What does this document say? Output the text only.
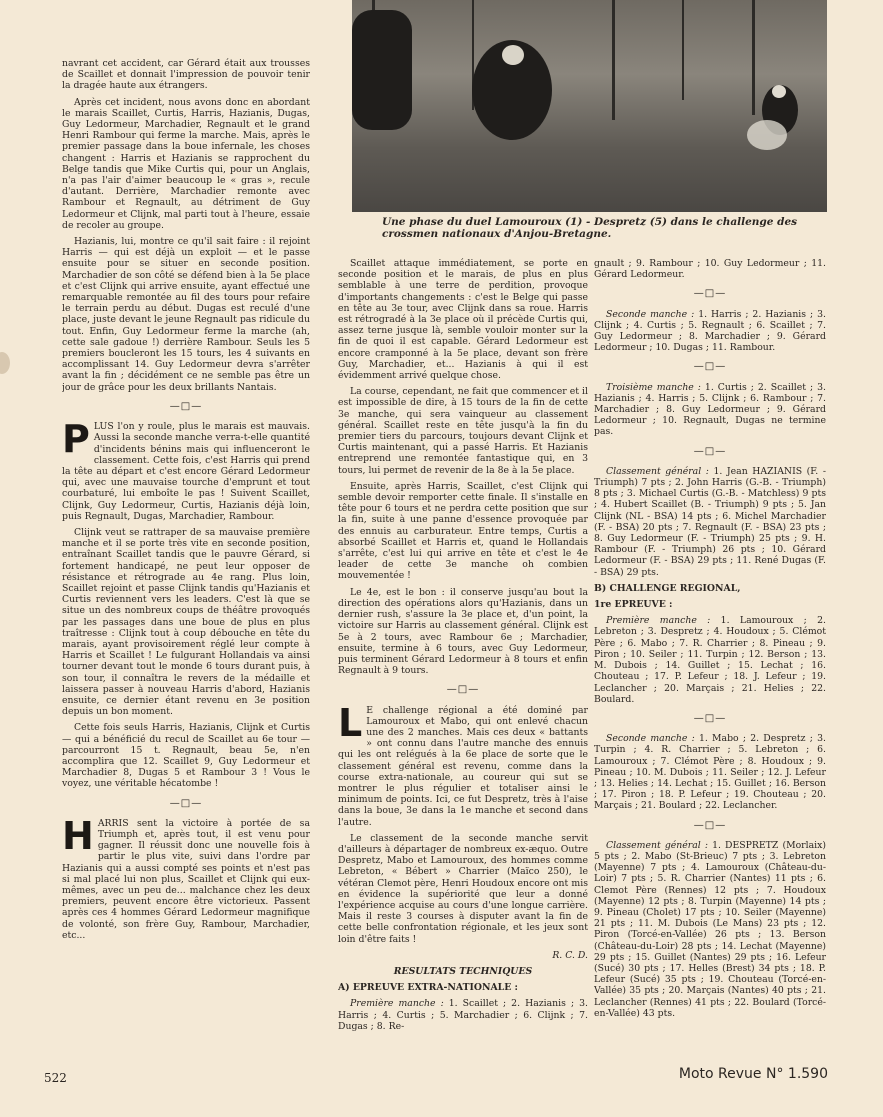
Une phase du duel Lamouroux (1) - Despretz (5) dans le challenge des crossmen nationaux d'Anjou-Bretagne.

navrant cet accident, car Gérard était aux trousses de Scaillet et donnait l'impression de pouvoir tenir la dragée haute aux étrangers.

Après cet incident, nous avons donc en abordant le marais Scaillet, Curtis, Harris, Hazianis, Dugas, Guy Ledormeur, Marchadier, Regnault et le grand Henri Rambour qui ferme la marche. Mais, après le premier passage dans la boue infernale, les choses changent : Harris et Hazianis se rapprochent du Belge tandis que Mike Curtis qui, pour un Anglais, n'a pas l'air d'aimer beaucoup le « gras », recule d'autant. Derrière, Marchadier remonte avec Rambour et Regnault, au détriment de Guy Ledormeur et Clijnk, mal parti tout à l'heure, essaie de recoler au groupe.

Hazianis, lui, montre ce qu'il sait faire : il rejoint Harris — qui est déjà un exploit — et le passe ensuite pour se situer en seconde position. Marchadier de son côté se défend bien à la 5e place et c'est Clijnk qui arrive ensuite, ayant effectué une remarquable remontée au fil des tours pour refaire le terrain perdu au début. Dugas est reculé d'une place, juste devant le jeune Regnault pas ridicule du tout. Enfin, Guy Ledormeur ferme la marche (ah, cette sale gadoue !) derrière Rambour. Seuls les 5 premiers boucleront les 15 tours, les 4 suivants en accomplissant 14. Guy Ledormeur devra s'arrêter avant la fin ; décidément ce ne semble pas être un jour de grâce pour les deux brillants Nantais.

—□—

PLUS l'on y roule, plus le marais est mauvais. Aussi la seconde manche verra-t-elle quantité d'incidents bénins mais qui influenceront le classement. Cette fois, c'est Harris qui prend la tête au départ et c'est encore Gérard Ledormeur qui, avec une mauvaise tourche d'emprunt et tout courbaturé, lui emboîte le pas ! Suivent Scaillet, Clijnk, Guy Ledormeur, Curtis, Hazianis déjà loin, puis Regnault, Dugas, Marchadier, Rambour.

Clijnk veut se rattraper de sa mauvaise première manche et il se porte très vite en seconde position, entraînant Scaillet tandis que le pauvre Gérard, si fortement handicapé, ne peut leur opposer de résistance et rétrograde au 4e rang. Plus loin, Scaillet rejoint et passe Clijnk tandis qu'Hazianis et Curtis reviennent vers les leaders. C'est là que se situe un des nombreux coups de théâtre provoqués par les passages dans une boue de plus en plus traîtresse : Clijnk tout à coup débouche en tête du marais, ayant provisoirement réglé leur compte à Harris et Scaillet ! Le fulgurant Hollandais va ainsi tourner devant tout le monde 6 tours durant puis, à son tour, il connaîtra le revers de la médaille et laissera passer à nouveau Harris d'abord, Hazianis ensuite, ce dernier étant revenu en 3e position depuis un bon moment.

Cette fois seuls Harris, Hazianis, Clijnk et Curtis — qui a bénéficié du recul de Scaillet au 6e tour — parcourront 15 t. Regnault, beau 5e, n'en accomplira que 12. Scaillet 9, Guy Ledormeur et Marchadier 8, Dugas 5 et Rambour 3 ! Vous le voyez, une véritable hécatombe !

—□—

HARRIS sent la victoire à portée de sa Triumph et, après tout, il est venu pour gagner. Il réussit donc une nouvelle fois à partir le plus vite, suivi dans l'ordre par Hazianis qui a aussi compté ses points et n'est pas si mal placé lui non plus, Scaillet et Clijnk qui eux-mêmes, avec un peu de... malchance chez les deux premiers, peuvent encore être victorieux. Passent après ces 4 hommes Gérard Ledormeur magnifique de volonté, son frère Guy, Rambour, Marchadier, etc...

Scaillet attaque immédiatement, se porte en seconde position et le marais, de plus en plus semblable à une terre de perdition, provoque d'importants changements : c'est le Belge qui passe en tête au 3e tour, avec Clijnk dans sa roue. Harris est rétrogradé à la 3e place où il précède Curtis qui, assez terne jusque là, semble vouloir monter sur la fin de quoi il est capable. Gérard Ledormeur est encore cramponné à la 5e place, devant son frère Guy, Marchadier, et... Hazianis à qui il est évidemment arrivé quelque chose.

La course, cependant, ne fait que commencer et il est impossible de dire, à 15 tours de la fin de cette 3e manche, qui sera vainqueur au classement général. Scaillet reste en tête jusqu'à la fin du premier tiers du parcours, toujours devant Clijnk et Curtis maintenant, qui a passé Harris. Et Hazianis entreprend une remontée fantastique qui, en 3 tours, lui permet de revenir de la 8e à la 5e place.

Ensuite, après Harris, Scaillet, c'est Clijnk qui semble devoir remporter cette finale. Il s'installe en tête pour 6 tours et ne perdra cette position que sur la fin, suite à une panne d'essence provoquée par des ennuis au carburateur. Entre temps, Curtis a absorbé Scaillet et Harris et, quand le Hollandais s'arrête, c'est lui qui arrive en tête et c'est le 4e leader de cette 3e manche oh combien mouvementée !

Le 4e, est le bon : il conserve jusqu'au bout la direction des opérations alors qu'Hazianis, dans un dernier rush, s'assure la 3e place et, d'un point, la victoire sur Harris au classement général. Clijnk est 5e à 2 tours, avec Rambour 6e ; Marchadier, ensuite, termine à 6 tours, avec Guy Ledormeur, puis terminent Gérard Ledormeur à 8 tours et enfin Regnault à 9 tours.

—□—

L E challenge régional a été dominé par Lamouroux et Mabo, qui ont enlevé chacun une des 2 manches. Mais ces deux « battants » ont connu dans l'autre manche des ennuis qui les ont relégués à la 6e place de sorte que le classement général est revenu, comme dans la course extra-nationale, au coureur qui sut se montrer le plus régulier et totaliser ainsi le minimum de points. Ici, ce fut Despretz, très à l'aise dans la boue, 3e dans la 1e manche et second dans l'autre.

Le classement de la seconde manche servit d'ailleurs à départager de nombreux ex-æquo. Outre Despretz, Mabo et Lamouroux, des hommes comme Lebreton, « Bébert » Charrier (Maïco 250), le vétéran Clemot père, Henri Houdoux encore ont mis en évidence la supériorité que leur a donné l'expérience acquise au cours d'une longue carrière. Mais il reste 3 courses à disputer avant la fin de cette belle confrontation régionale, et les jeux sont loin d'être faits !

R. C. D.

RESULTATS TECHNIQUES

A) EPREUVE EXTRA-NATIONALE :

Première manche : 1. Scaillet ; 2. Hazianis ; 3. Harris ; 4. Curtis ; 5. Marchadier ; 6. Clijnk ; 7. Dugas ; 8. Re-

gnault ; 9. Rambour ; 10. Guy Ledormeur ; 11. Gérard Ledormeur.

—□—

Seconde manche : 1. Harris ; 2. Hazianis ; 3. Clijnk ; 4. Curtis ; 5. Regnault ; 6. Scaillet ; 7. Guy Ledormeur ; 8. Marchadier ; 9. Gérard Ledormeur ; 10. Dugas ; 11. Rambour.

—□—

Troisième manche : 1. Curtis ; 2. Scaillet ; 3. Hazianis ; 4. Harris ; 5. Clijnk ; 6. Rambour ; 7. Marchadier ; 8. Guy Ledormeur ; 9. Gérard Ledormeur ; 10. Regnault, Dugas ne termine pas.

—□—

Classement général : 1. Jean HAZIANIS (F. - Triumph) 7 pts ; 2. John Harris (G.-B. - Triumph) 8 pts ; 3. Michael Curtis (G.-B. - Matchless) 9 pts ; 4. Hubert Scaillet (B. - Triumph) 9 pts ; 5. Jan Clijnk (NL - BSA) 14 pts ; 6. Michel Marchadier (F. - BSA) 20 pts ; 7. Regnault (F. - BSA) 23 pts ; 8. Guy Ledormeur (F. - Triumph) 25 pts ; 9. H. Rambour (F. - Triumph) 26 pts ; 10. Gérard Ledormeur (F. - BSA) 29 pts ; 11. René Dugas (F. - BSA) 29 pts.

B) CHALLENGE REGIONAL,

1re EPREUVE :

Première manche : 1. Lamouroux ; 2. Lebreton ; 3. Despretz ; 4. Houdoux ; 5. Clémot Père ; 6. Mabo ; 7. R. Charrier ; 8. Pineau ; 9. Piron ; 10. Seiler ; 11. Turpin ; 12. Berson ; 13. M. Dubois ; 14. Guillet ; 15. Lechat ; 16. Chouteau ; 17. P. Lefeur ; 18. J. Lefeur ; 19. Leclancher ; 20. Marçais ; 21. Helies ; 22. Boulard.

—□—

Seconde manche : 1. Mabo ; 2. Despretz ; 3. Turpin ; 4. R. Charrier ; 5. Lebreton ; 6. Lamouroux ; 7. Clémot Père ; 8. Houdoux ; 9. Pineau ; 10. M. Dubois ; 11. Seiler ; 12. J. Lefeur ; 13. Helies ; 14. Lechat ; 15. Guillet ; 16. Berson ; 17. Piron ; 18. P. Lefeur ; 19. Chouteau ; 20. Marçais ; 21. Boulard ; 22. Leclancher.

—□—

Classement général : 1. DESPRETZ (Morlaix) 5 pts ; 2. Mabo (St-Brieuc) 7 pts ; 3. Lebreton (Mayenne) 7 pts ; 4. Lamouroux (Château-du-Loir) 7 pts ; 5. R. Charrier (Nantes) 11 pts ; 6. Clemot Père (Rennes) 12 pts ; 7. Houdoux (Mayenne) 12 pts ; 8. Turpin (Mayenne) 14 pts ; 9. Pineau (Cholet) 17 pts ; 10. Seiler (Mayenne) 21 pts ; 11. M. Dubois (Le Mans) 23 pts ; 12. Piron (Torcé-en-Vallée) 26 pts ; 13. Berson (Château-du-Loir) 28 pts ; 14. Lechat (Mayenne) 29 pts ; 15. Guillet (Nantes) 29 pts ; 16. Lefeur (Sucé) 30 pts ; 17. Helles (Brest) 34 pts ; 18. P. Lefeur (Sucé) 35 pts ; 19. Chouteau (Torcé-en-Vallée) 35 pts ; 20. Marçais (Nantes) 40 pts ; 21. Leclancher (Rennes) 41 pts ; 22. Boulard (Torcé-en-Vallée) 43 pts.

522	Moto Revue N° 1.590
